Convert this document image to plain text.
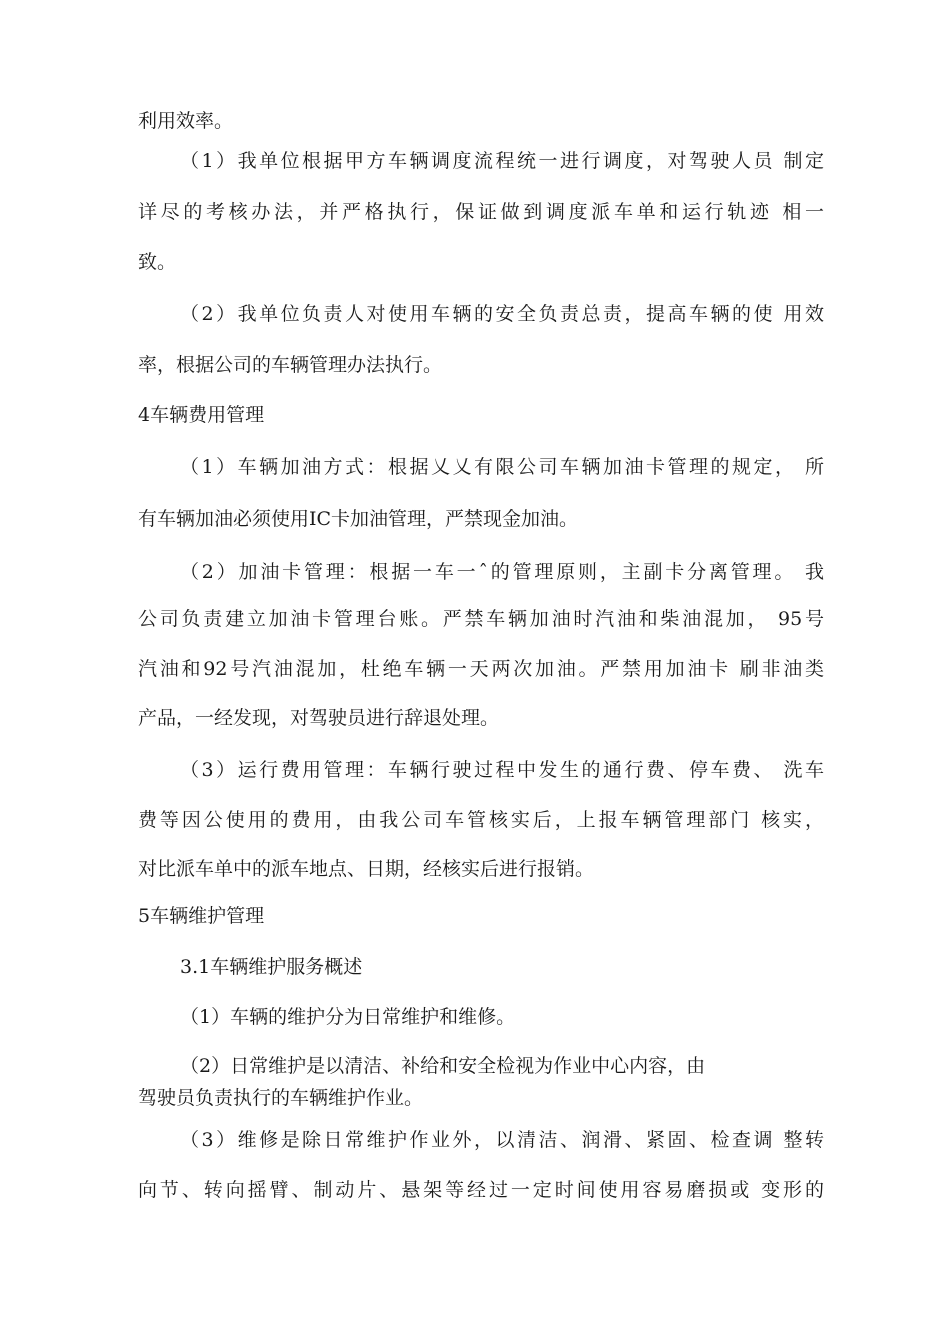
利用效率。
（1）我单位根据甲方车辆调度流程统一进行调度，对驾驶人员 制定
详尽的考核办法，并严格执行，保证做到调度派车单和运行轨迹 相一
致。
（2）我单位负责人对使用车辆的安全负责总责，提高车辆的使 用效
率，根据公司的车辆管理办法执行。
4车辆费用管理
（1）车辆加油方式：根据乂乂有限公司车辆加油卡管理的规定， 所
有车辆加油必须使用IC卡加油管理，严禁现金加油。
（2）加油卡管理：根据一车一ˆ的管理原则，主副卡分离管理。 我
公司负责建立加油卡管理台账。严禁车辆加油时汽油和柴油混加， 95号
汽油和92号汽油混加，杜绝车辆一天两次加油。严禁用加油卡 刷非油类
产品，一经发现，对驾驶员进行辞退处理。
（3）运行费用管理：车辆行驶过程中发生的通行费、停车费、 洗车
费等因公使用的费用，由我公司车管核实后，上报车辆管理部门 核实，
对比派车单中的派车地点、日期，经核实后进行报销。
5车辆维护管理
3.1车辆维护服务概述
（1）车辆的维护分为日常维护和维修。
（2）日常维护是以清洁、补给和安全检视为作业中心内容，由
驾驶员负责执行的车辆维护作业。
（3）维修是除日常维护作业外，以清洁、润滑、紧固、检查调 整转
向节、转向摇臂、制动片、悬架等经过一定时间使用容易磨损或 变形的
